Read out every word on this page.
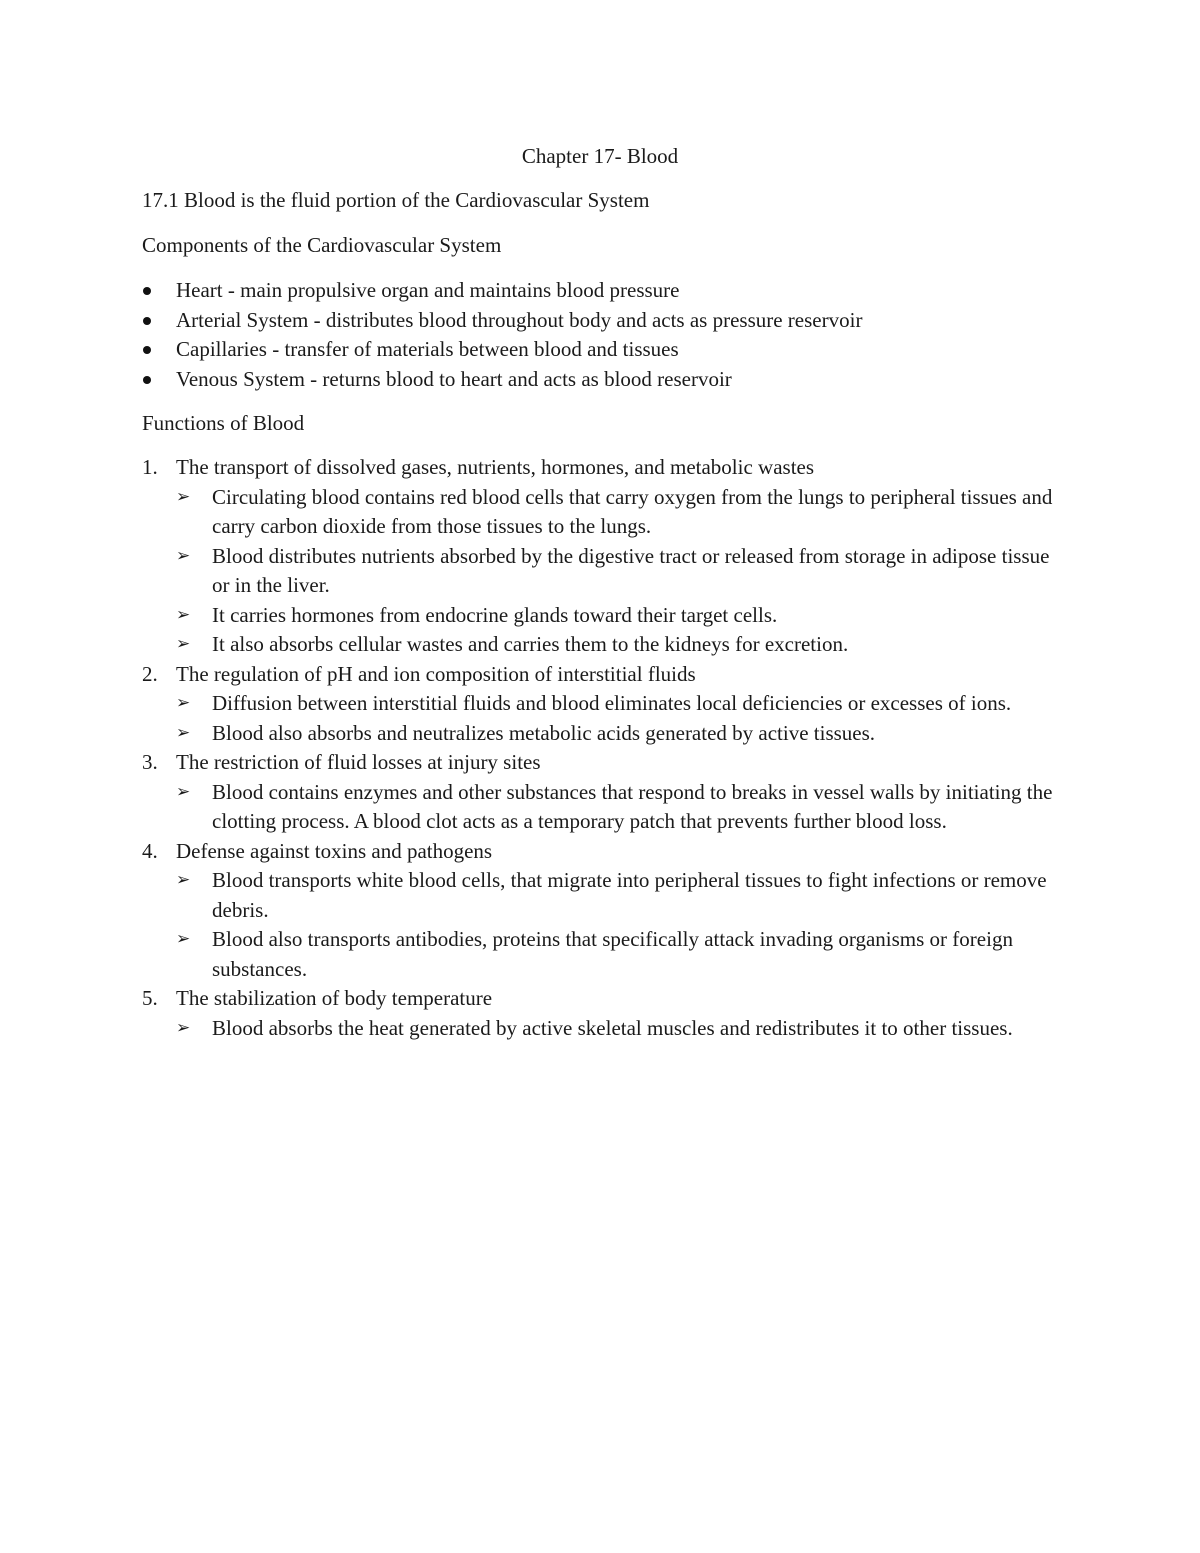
Chapter 17- Blood
17.1 Blood is the fluid portion of the Cardiovascular System
Components of the Cardiovascular System
Heart - main propulsive organ and maintains blood pressure
Arterial System - distributes blood throughout body and acts as pressure reservoir
Capillaries - transfer of materials between blood and tissues
Venous System - returns blood to heart and acts as blood reservoir
Functions of Blood
1. The transport of dissolved gases, nutrients, hormones, and metabolic wastes
➢ Circulating blood contains red blood cells that carry oxygen from the lungs to peripheral tissues and carry carbon dioxide from those tissues to the lungs.
➢ Blood distributes nutrients absorbed by the digestive tract or released from storage in adipose tissue or in the liver.
➢ It carries hormones from endocrine glands toward their target cells.
➢ It also absorbs cellular wastes and carries them to the kidneys for excretion.
2. The regulation of pH and ion composition of interstitial fluids
➢ Diffusion between interstitial fluids and blood eliminates local deficiencies or excesses of ions.
➢ Blood also absorbs and neutralizes metabolic acids generated by active tissues.
3. The restriction of fluid losses at injury sites
➢ Blood contains enzymes and other substances that respond to breaks in vessel walls by initiating the clotting process. A blood clot acts as a temporary patch that prevents further blood loss.
4. Defense against toxins and pathogens
➢ Blood transports white blood cells, that migrate into peripheral tissues to fight infections or remove debris.
➢ Blood also transports antibodies, proteins that specifically attack invading organisms or foreign substances.
5. The stabilization of body temperature
➢ Blood absorbs the heat generated by active skeletal muscles and redistributes it to other tissues.
